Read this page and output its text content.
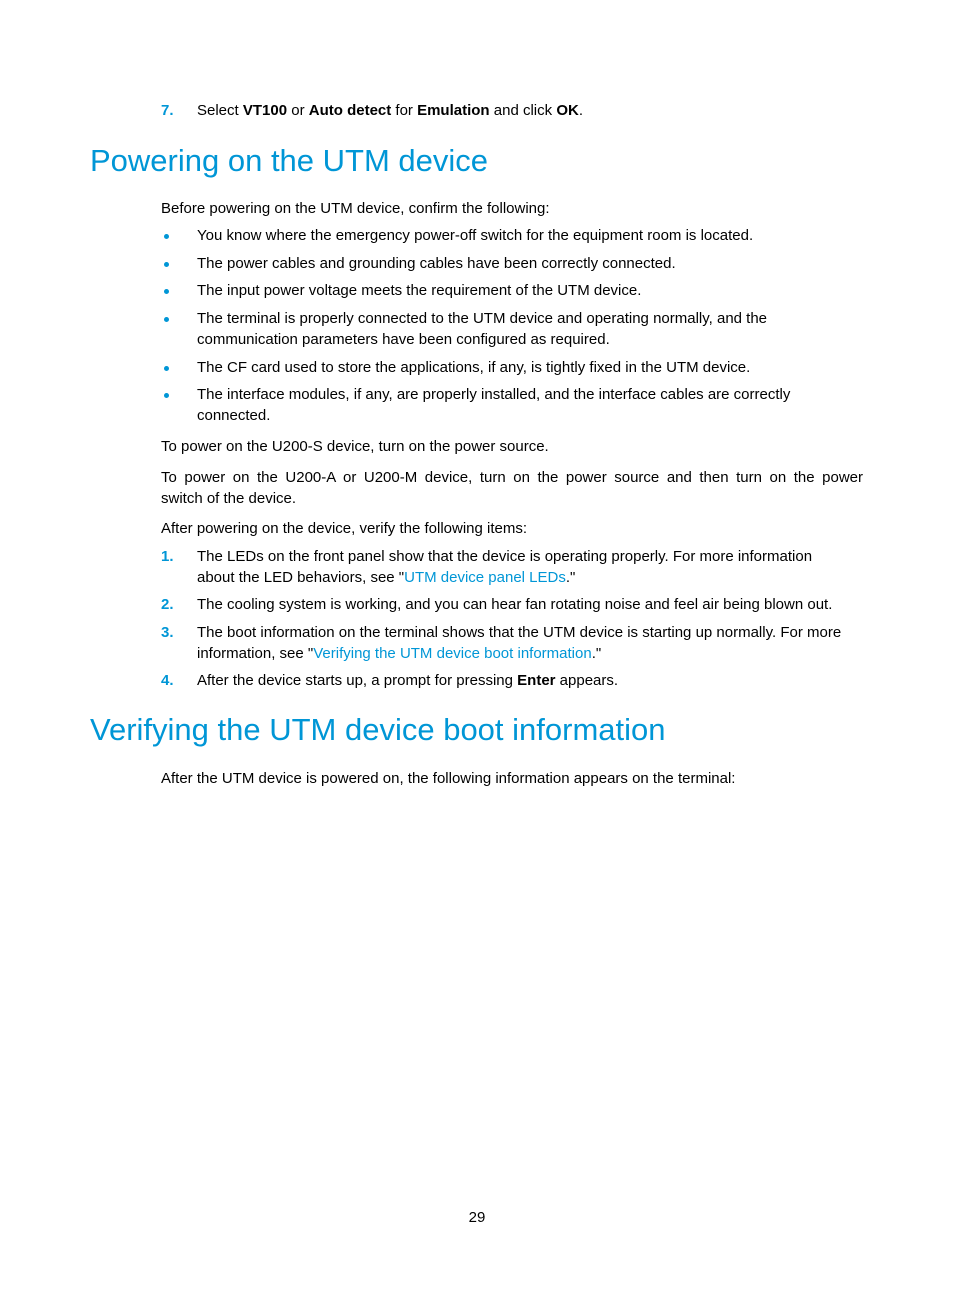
7. Select VT100 or Auto detect for Emulation and click OK.
Powering on the UTM device
Before powering on the UTM device, confirm the following:
You know where the emergency power-off switch for the equipment room is located.
The power cables and grounding cables have been correctly connected.
The input power voltage meets the requirement of the UTM device.
The terminal is properly connected to the UTM device and operating normally, and the
communication parameters have been configured as required.
The CF card used to store the applications, if any, is tightly fixed in the UTM device.
The interface modules, if any, are properly installed, and the interface cables are correctly
connected.
To power on the U200-S device, turn on the power source.
To power on the U200-A or U200-M device, turn on the power source and then turn on the power
switch of the device.
After powering on the device, verify the following items:
1. The LEDs on the front panel show that the device is operating properly. For more information
about the LED behaviors, see "UTM device panel LEDs."
2. The cooling system is working, and you can hear fan rotating noise and feel air being blown out.
3. The boot information on the terminal shows that the UTM device is starting up normally. For more
information, see "Verifying the UTM device boot information."
4. After the device starts up, a prompt for pressing Enter appears.
Verifying the UTM device boot information
After the UTM device is powered on, the following information appears on the terminal:
29
